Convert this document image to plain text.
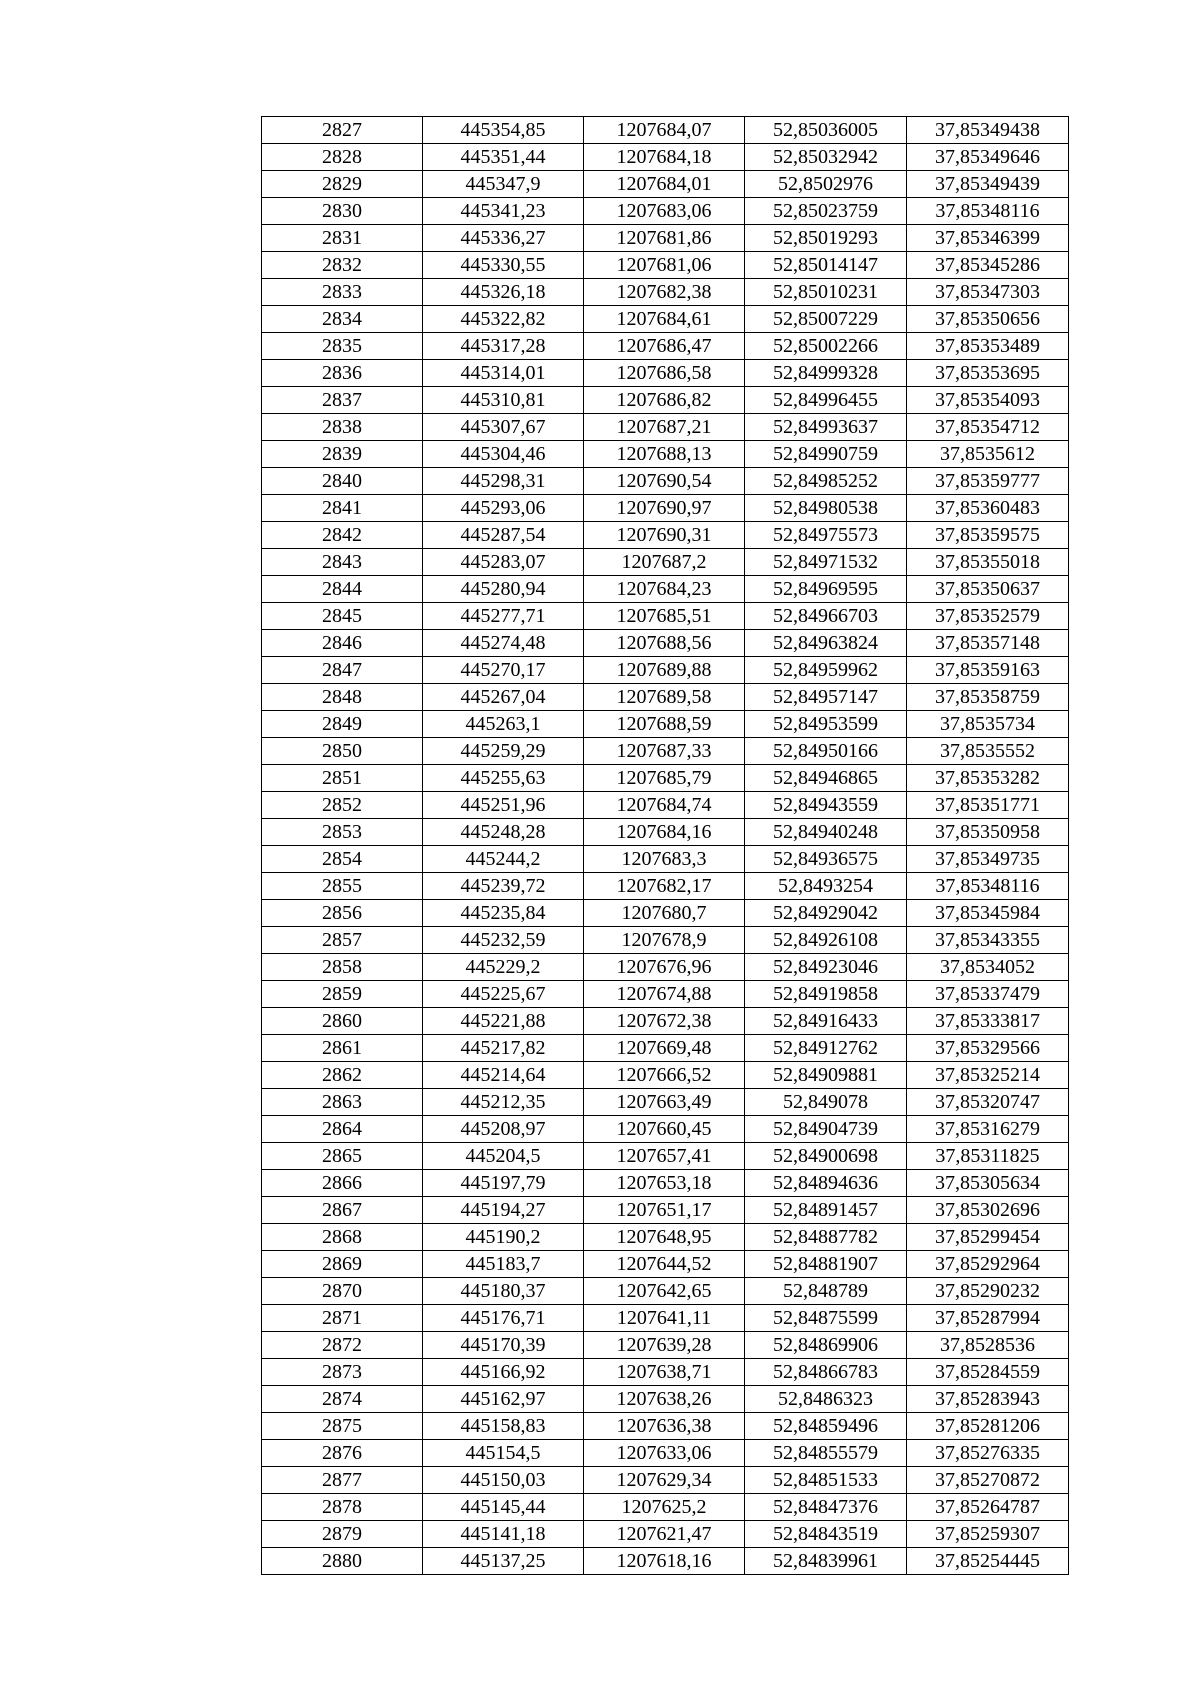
2827	445354,85	1207684,07	52,85036005	37,85349438
2828	445351,44	1207684,18	52,85032942	37,85349646
2829	445347,9	1207684,01	52,8502976	37,85349439
2830	445341,23	1207683,06	52,85023759	37,85348116
2831	445336,27	1207681,86	52,85019293	37,85346399
2832	445330,55	1207681,06	52,85014147	37,85345286
2833	445326,18	1207682,38	52,85010231	37,85347303
2834	445322,82	1207684,61	52,85007229	37,85350656
2835	445317,28	1207686,47	52,85002266	37,85353489
2836	445314,01	1207686,58	52,84999328	37,85353695
2837	445310,81	1207686,82	52,84996455	37,85354093
2838	445307,67	1207687,21	52,84993637	37,85354712
2839	445304,46	1207688,13	52,84990759	37,8535612
2840	445298,31	1207690,54	52,84985252	37,85359777
2841	445293,06	1207690,97	52,84980538	37,85360483
2842	445287,54	1207690,31	52,84975573	37,85359575
2843	445283,07	1207687,2	52,84971532	37,85355018
2844	445280,94	1207684,23	52,84969595	37,85350637
2845	445277,71	1207685,51	52,84966703	37,85352579
2846	445274,48	1207688,56	52,84963824	37,85357148
2847	445270,17	1207689,88	52,84959962	37,85359163
2848	445267,04	1207689,58	52,84957147	37,85358759
2849	445263,1	1207688,59	52,84953599	37,8535734
2850	445259,29	1207687,33	52,84950166	37,8535552
2851	445255,63	1207685,79	52,84946865	37,85353282
2852	445251,96	1207684,74	52,84943559	37,85351771
2853	445248,28	1207684,16	52,84940248	37,85350958
2854	445244,2	1207683,3	52,84936575	37,85349735
2855	445239,72	1207682,17	52,8493254	37,85348116
2856	445235,84	1207680,7	52,84929042	37,85345984
2857	445232,59	1207678,9	52,84926108	37,85343355
2858	445229,2	1207676,96	52,84923046	37,8534052
2859	445225,67	1207674,88	52,84919858	37,85337479
2860	445221,88	1207672,38	52,84916433	37,85333817
2861	445217,82	1207669,48	52,84912762	37,85329566
2862	445214,64	1207666,52	52,84909881	37,85325214
2863	445212,35	1207663,49	52,849078	37,85320747
2864	445208,97	1207660,45	52,84904739	37,85316279
2865	445204,5	1207657,41	52,84900698	37,85311825
2866	445197,79	1207653,18	52,84894636	37,85305634
2867	445194,27	1207651,17	52,84891457	37,85302696
2868	445190,2	1207648,95	52,84887782	37,85299454
2869	445183,7	1207644,52	52,84881907	37,85292964
2870	445180,37	1207642,65	52,848789	37,85290232
2871	445176,71	1207641,11	52,84875599	37,85287994
2872	445170,39	1207639,28	52,84869906	37,8528536
2873	445166,92	1207638,71	52,84866783	37,85284559
2874	445162,97	1207638,26	52,8486323	37,85283943
2875	445158,83	1207636,38	52,84859496	37,85281206
2876	445154,5	1207633,06	52,84855579	37,85276335
2877	445150,03	1207629,34	52,84851533	37,85270872
2878	445145,44	1207625,2	52,84847376	37,85264787
2879	445141,18	1207621,47	52,84843519	37,85259307
2880	445137,25	1207618,16	52,84839961	37,85254445
